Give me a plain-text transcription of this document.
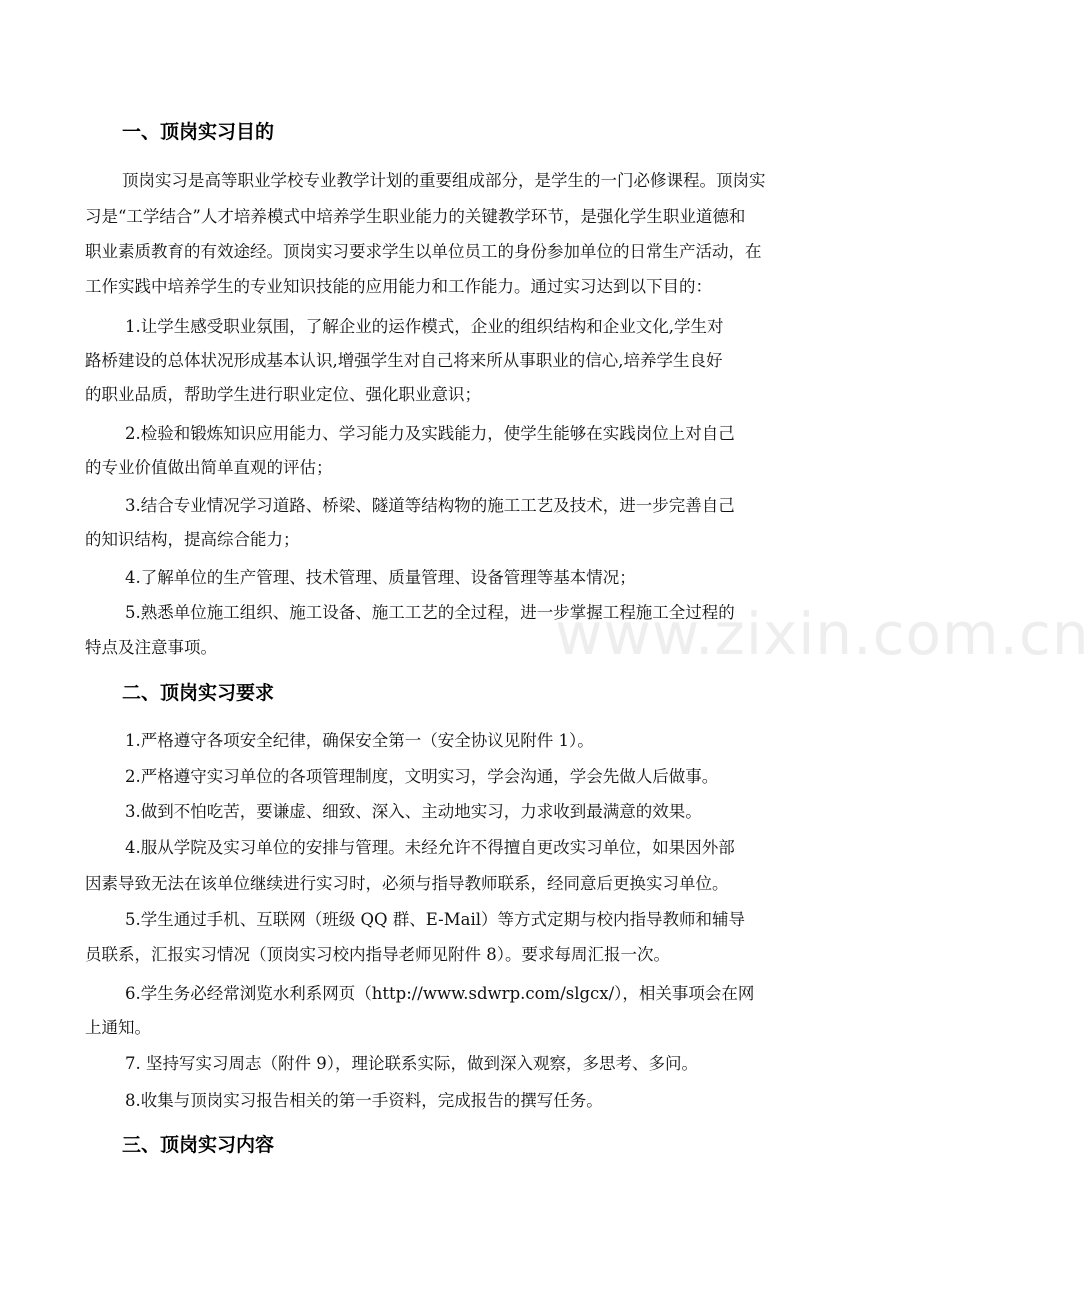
www.zixin.com.cn
一、顶岗实习目的
顶岗实习是高等职业学校专业教学计划的重要组成部分，是学生的一门必修课程。顶岗实
习是“工学结合”人才培养模式中培养学生职业能力的关键教学环节，是强化学生职业道德和
职业素质教育的有效途经。顶岗实习要求学生以单位员工的身份参加单位的日常生产活动，在
工作实践中培养学生的专业知识技能的应用能力和工作能力。通过实习达到以下目的：
1.让学生感受职业氛围，了解企业的运作模式，企业的组织结构和企业文化,学生对
路桥建设的总体状况形成基本认识,增强学生对自己将来所从事职业的信心,培养学生良好
的职业品质，帮助学生进行职业定位、强化职业意识；
2.检验和锻炼知识应用能力、学习能力及实践能力，使学生能够在实践岗位上对自己
的专业价值做出简单直观的评估；
3.结合专业情况学习道路、桥梁、隧道等结构物的施工工艺及技术，进一步完善自己
的知识结构，提高综合能力；
4.了解单位的生产管理、技术管理、质量管理、设备管理等基本情况；
5.熟悉单位施工组织、施工设备、施工工艺的全过程，进一步掌握工程施工全过程的
特点及注意事项。
二、顶岗实习要求
1.严格遵守各项安全纪律，确保安全第一（安全协议见附件 1）。
2.严格遵守实习单位的各项管理制度，文明实习，学会沟通，学会先做人后做事。
3.做到不怕吃苦，要谦虚、细致、深入、主动地实习，力求收到最满意的效果。
4.服从学院及实习单位的安排与管理。未经允许不得擅自更改实习单位，如果因外部
因素导致无法在该单位继续进行实习时，必须与指导教师联系，经同意后更换实习单位。
5.学生通过手机、互联网（班级 QQ 群、E-Mail）等方式定期与校内指导教师和辅导
员联系，汇报实习情况（顶岗实习校内指导老师见附件 8）。要求每周汇报一次。
6.学生务必经常浏览水利系网页（http://www.sdwrp.com/slgcx/），相关事项会在网
上通知。
7. 坚持写实习周志（附件 9），理论联系实际，做到深入观察，多思考、多问。
8.收集与顶岗实习报告相关的第一手资料，完成报告的撰写任务。
三、顶岗实习内容
